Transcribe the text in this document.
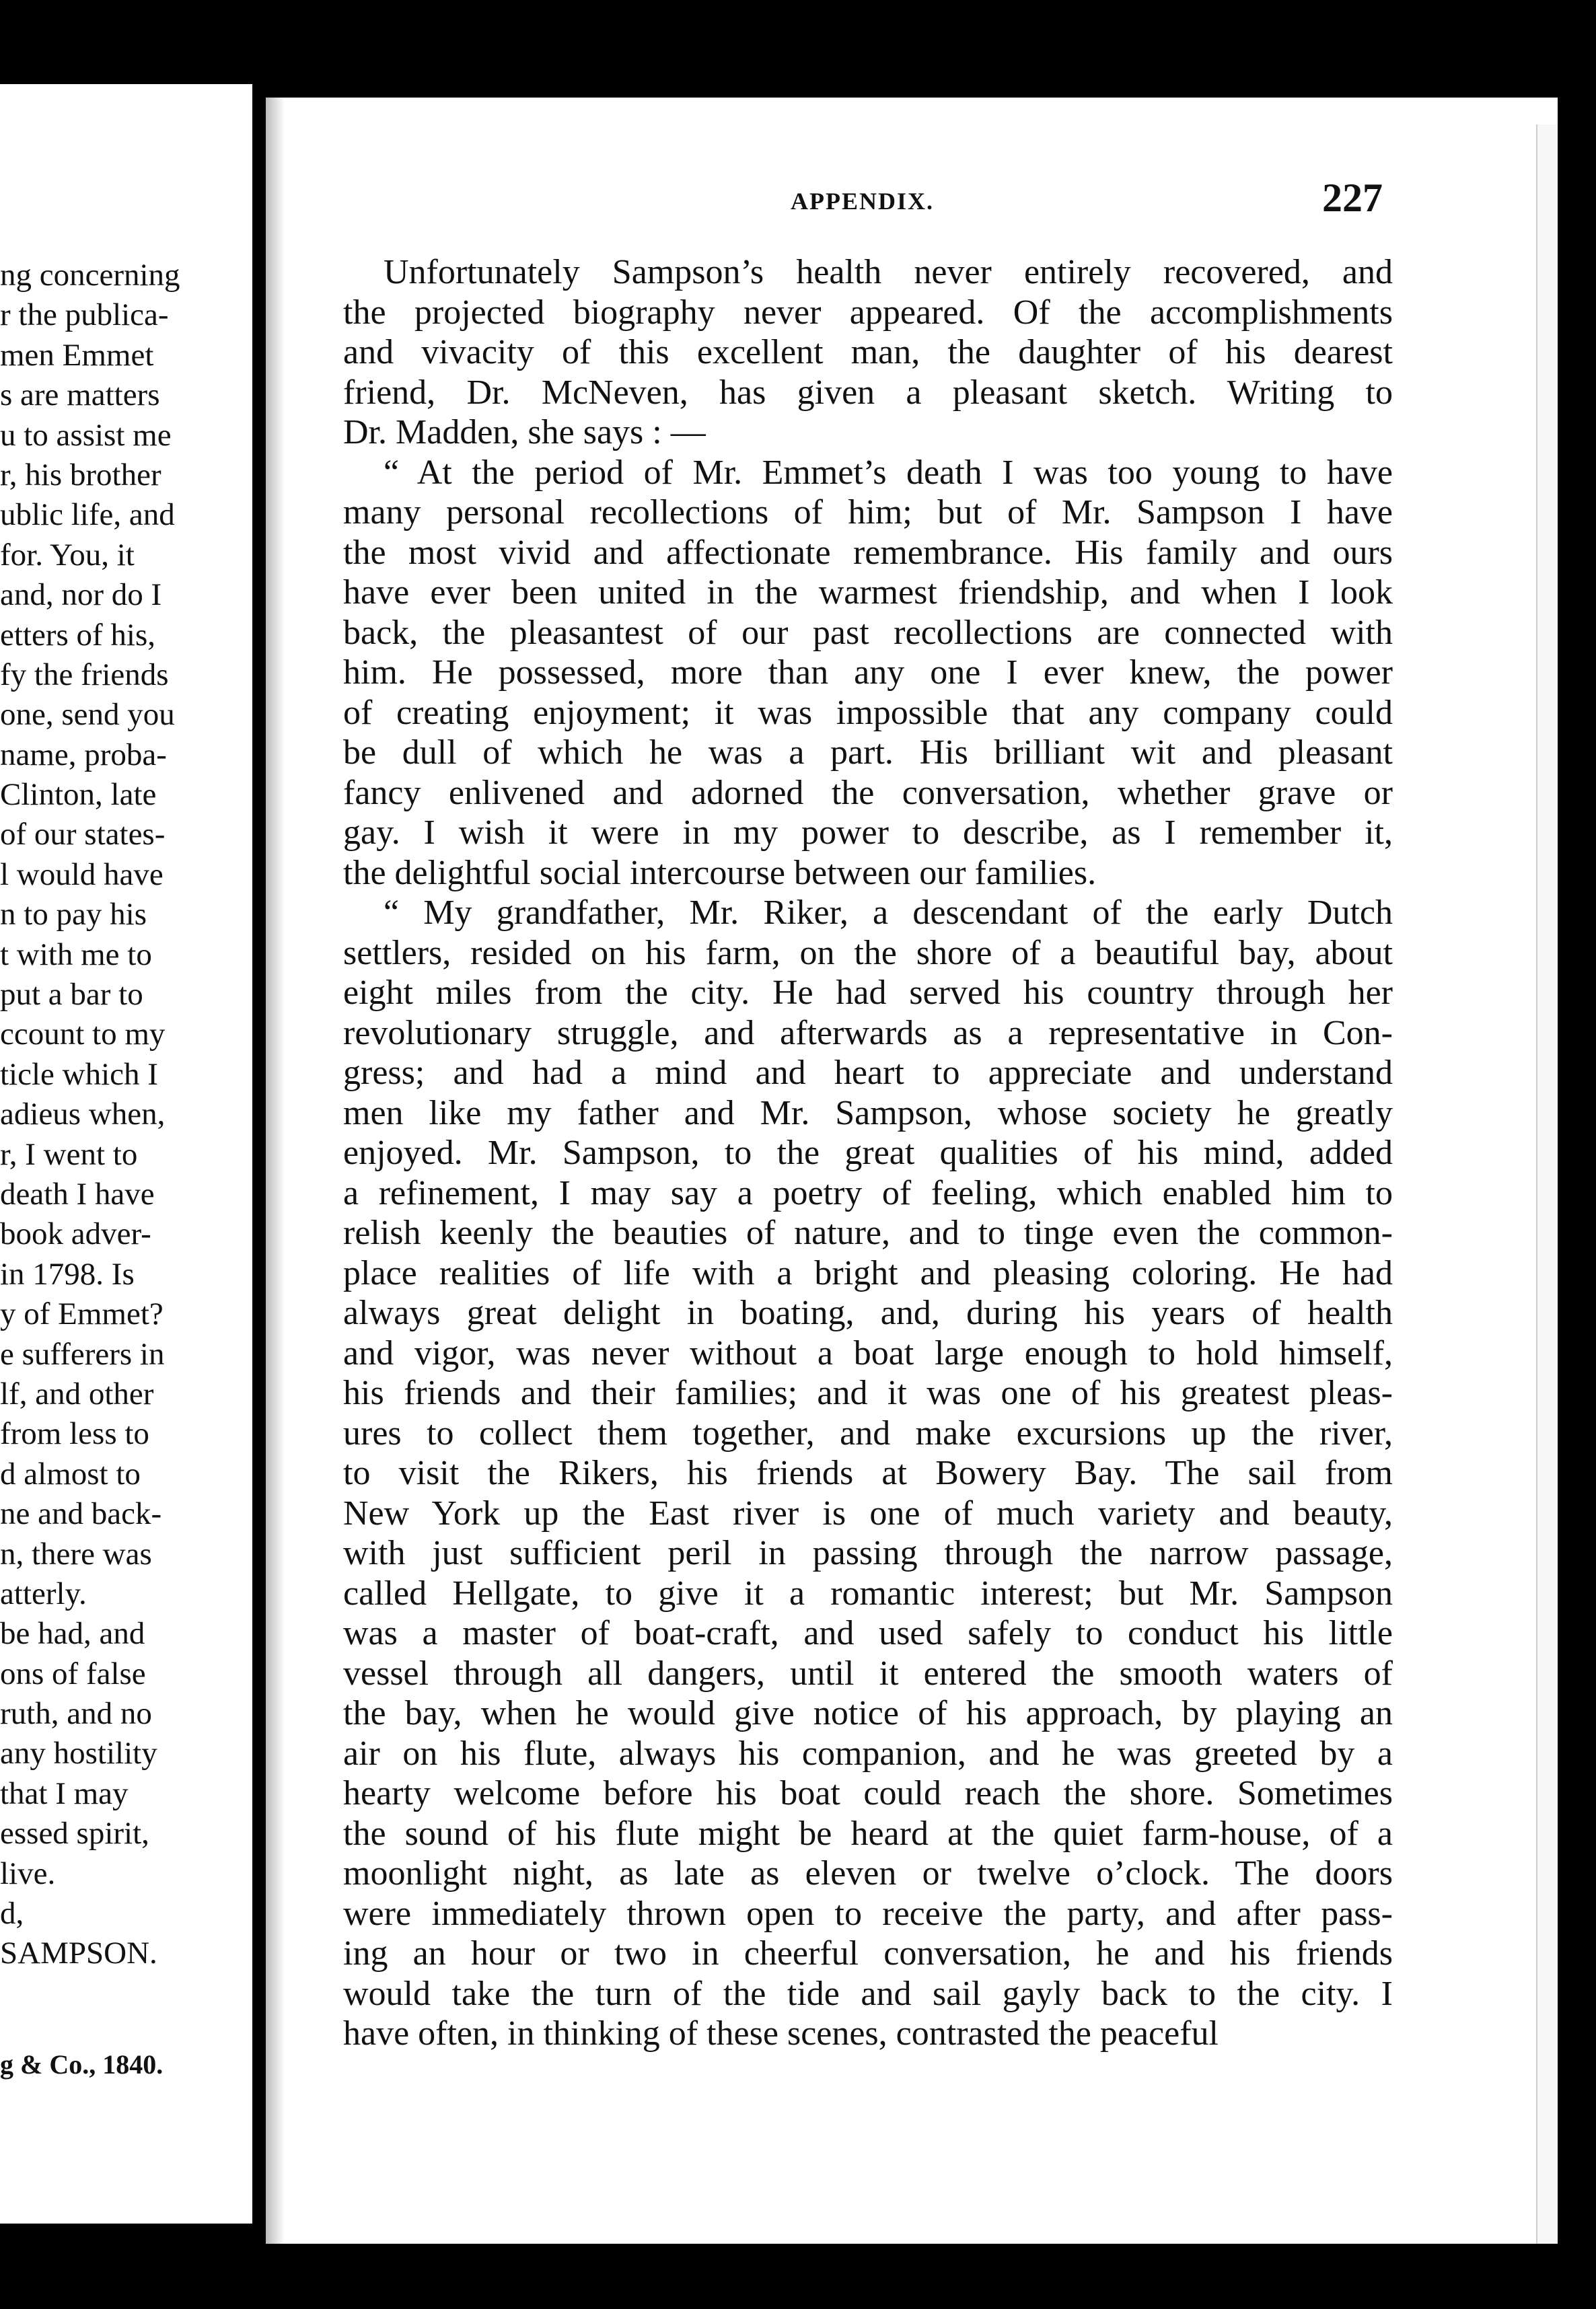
ng concerning
r the publica-
men Emmet
s are matters
u to assist me
r, his brother
ublic life, and
for. You, it
and, nor do I
etters of his,
fy the friends
one, send you
name, proba-
Clinton, late
of our states-
l would have
n to pay his
t with me to
put a bar to
ccount to my
ticle which I
adieus when,
r, I went to
death I have
book adver-
in 1798. Is
y of Emmet?
e sufferers in
lf, and other
from less to
d almost to
ne and back-
n, there was
atterly.
be had, and
ons of false
ruth, and no
any hostility
that I may
essed spirit,
live.
d,
SAMPSON.
g & Co., 1840.
APPENDIX.	227

Unfortunately Sampson’s health never entirely recovered, and
the projected biography never appeared. Of the accomplishments
and vivacity of this excellent man, the daughter of his dearest
friend, Dr. McNeven, has given a pleasant sketch. Writing to
Dr. Madden, she says : —

“ At the period of Mr. Emmet’s death I was too young to have
many personal recollections of him; but of Mr. Sampson I have
the most vivid and affectionate remembrance. His family and ours
have ever been united in the warmest friendship, and when I look
back, the pleasantest of our past recollections are connected with
him. He possessed, more than any one I ever knew, the power
of creating enjoyment; it was impossible that any company could
be dull of which he was a part. His brilliant wit and pleasant
fancy enlivened and adorned the conversation, whether grave or
gay. I wish it were in my power to describe, as I remember it,
the delightful social intercourse between our families.

“ My grandfather, Mr. Riker, a descendant of the early Dutch
settlers, resided on his farm, on the shore of a beautiful bay, about
eight miles from the city. He had served his country through her
revolutionary struggle, and afterwards as a representative in Con-
gress; and had a mind and heart to appreciate and understand
men like my father and Mr. Sampson, whose society he greatly
enjoyed. Mr. Sampson, to the great qualities of his mind, added
a refinement, I may say a poetry of feeling, which enabled him to
relish keenly the beauties of nature, and to tinge even the common-
place realities of life with a bright and pleasing coloring. He had
always great delight in boating, and, during his years of health
and vigor, was never without a boat large enough to hold himself,
his friends and their families; and it was one of his greatest pleas-
ures to collect them together, and make excursions up the river,
to visit the Rikers, his friends at Bowery Bay. The sail from
New York up the East river is one of much variety and beauty,
with just sufficient peril in passing through the narrow passage,
called Hellgate, to give it a romantic interest; but Mr. Sampson
was a master of boat-craft, and used safely to conduct his little
vessel through all dangers, until it entered the smooth waters of
the bay, when he would give notice of his approach, by playing an
air on his flute, always his companion, and he was greeted by a
hearty welcome before his boat could reach the shore. Sometimes
the sound of his flute might be heard at the quiet farm-house, of a
moonlight night, as late as eleven or twelve o’clock. The doors
were immediately thrown open to receive the party, and after pass-
ing an hour or two in cheerful conversation, he and his friends
would take the turn of the tide and sail gayly back to the city. I
have often, in thinking of these scenes, contrasted the peaceful
